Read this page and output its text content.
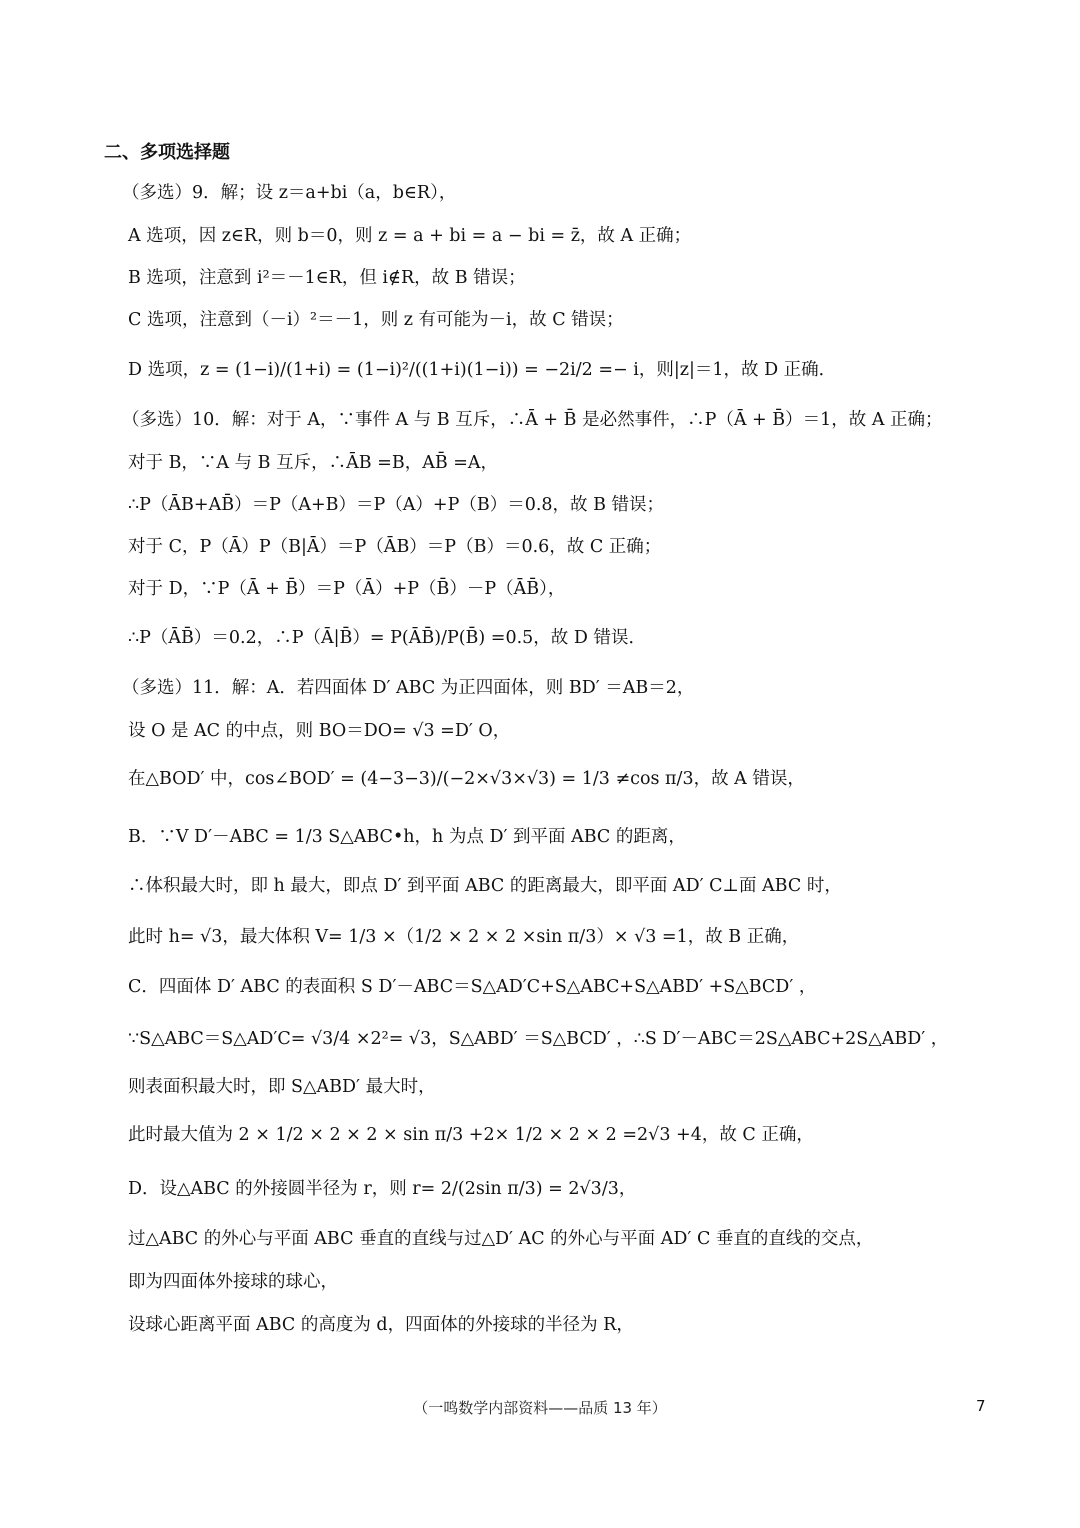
二、多项选择题
（多选）9．解；设 z＝a+bi（a，b∈R），
A 选项，因 z∈R，则 b＝0，则 z = a + bi = a − bi = z̄，故 A 正确；
B 选项，注意到 i²＝－1∈R，但 i∉R，故 B 错误；
C 选项，注意到（－i）²＝－1，则 z 有可能为－i，故 C 错误；
D 选项，z = (1−i)/(1+i) = (1−i)²/((1+i)(1−i)) = −2i/2 =− i，则|z|＝1，故 D 正确．
（多选）10．解：对于 A，∵事件 A 与 B 互斥，∴Ā + B̄ 是必然事件，∴P（Ā + B̄）＝1，故 A 正确；
对于 B，∵A 与 B 互斥，∴ĀB =B，AB̄ =A，
∴P（ĀB+AB̄）＝P（A+B）＝P（A）+P（B）＝0.8，故 B 错误；
对于 C，P（Ā）P（B|Ā）＝P（ĀB）＝P（B）＝0.6，故 C 正确；
对于 D，∵P（Ā + B̄）＝P（Ā）+P（B̄）－P（ĀB̄），
∴P（ĀB̄）＝0.2，∴P（Ā|B̄）= P(ĀB̄)/P(B̄) =0.5，故 D 错误．
（多选）11．解：A．若四面体 D′ ABC 为正四面体，则 BD′ ＝AB＝2，
设 O 是 AC 的中点，则 BO＝DO= √3 =D′ O，
在△BOD′ 中，cos∠BOD′ = (4−3−3)/(−2×√3×√3) = 1/3 ≠cos π/3，故 A 错误，
B．∵V D′－ABC = 1/3 S△ABC•h，h 为点 D′ 到平面 ABC 的距离，
∴体积最大时，即 h 最大，即点 D′ 到平面 ABC 的距离最大，即平面 AD′ C⊥面 ABC 时，
此时 h= √3，最大体积 V= 1/3 ×（1/2 × 2 × 2 ×sin π/3）× √3 =1，故 B 正确，
C．四面体 D′ ABC 的表面积 S D′－ABC＝S△AD′C+S△ABC+S△ABD′ +S△BCD′ ，
∵S△ABC＝S△AD′C= √3/4 ×2²= √3，S△ABD′ ＝S△BCD′ ，∴S D′－ABC＝2S△ABC+2S△ABD′ ，
则表面积最大时，即 S△ABD′ 最大时，
此时最大值为 2 × 1/2 × 2 × 2 × sin π/3 +2× 1/2 × 2 × 2 =2√3 +4，故 C 正确，
D．设△ABC 的外接圆半径为 r，则 r= 2/(2sin π/3) = 2√3/3，
过△ABC 的外心与平面 ABC 垂直的直线与过△D′ AC 的外心与平面 AD′ C 垂直的直线的交点，
即为四面体外接球的球心，
设球心距离平面 ABC 的高度为 d，四面体的外接球的半径为 R，
（一鸣数学内部资料——品质 13 年）	7
